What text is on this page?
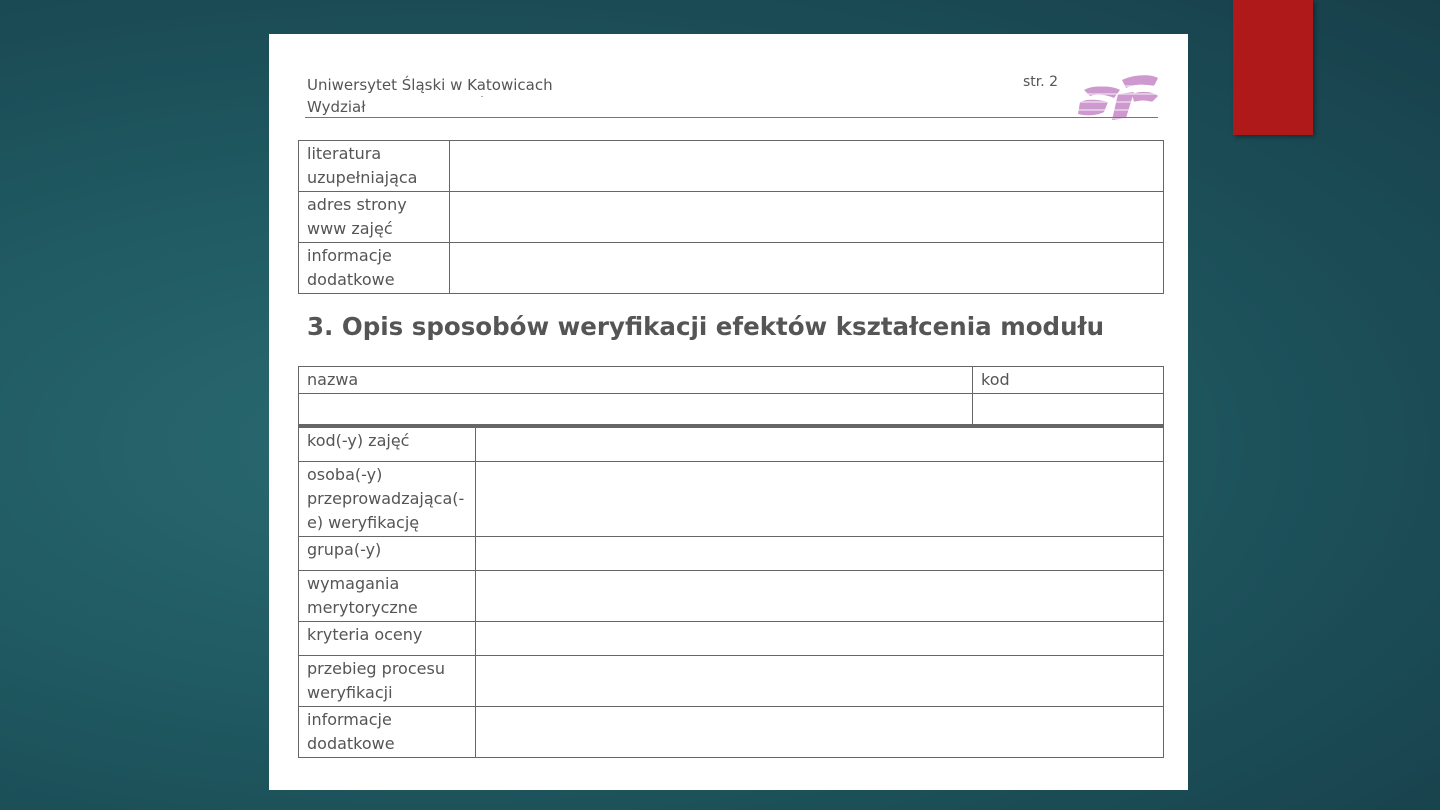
Uniwersytet Śląski w Katowicach
Wydział
str. 2
literatura
uzupełniająca	

adres strony
www zajęć	

informacje
dodatkowe	

3. Opis sposobów weryfikacji efektów kształcenia modułu
nazwa	kod

kod(-y) zajęć	

osoba(-y)
przeprowadzająca(-
e) weryfikację	

grupa(-y)	

wymagania
merytoryczne	

kryteria oceny	

przebieg procesu
weryfikacji	

informacje
dodatkowe	
